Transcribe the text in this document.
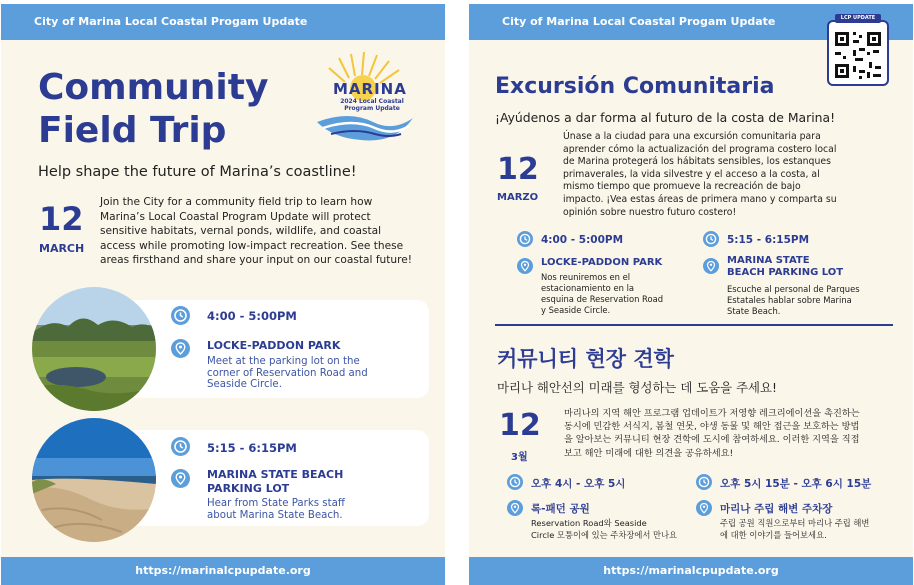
City of Marina Local Coastal Progam Update
Community
Field Trip
MARINA
2024 Local Coastal
Program Update
Help shape the future of Marina’s coastline!
12
MARCH
Join the City for a community field trip to learn how
Marina’s Local Coastal Program Update will protect
sensitive habitats, vernal ponds, wildlife, and coastal
access while promoting low-impact recreation. See these
areas firsthand and share your input on our coastal future!
4:00 - 5:00PM
LOCKE-PADDON PARK
Meet at the parking lot on the
corner of Reservation Road and
Seaside Circle.
5:15 - 6:15PM
MARINA STATE BEACH
PARKING LOT
Hear from State Parks staff
about Marina State Beach.
https://marinalcpupdate.org
City of Marina Local Coastal Progam Update	LCP UPDATE
Excursión Comunitaria
¡Ayúdenos a dar forma al futuro de la costa de Marina!
12
MARZO
Únase a la ciudad para una excursión comunitaria para
aprender cómo la actualización del programa costero local
de Marina protegerá los hábitats sensibles, los estanques
primaverales, la vida silvestre y el acceso a la costa, al
mismo tiempo que promueve la recreación de bajo
impacto. ¡Vea estas áreas de primera mano y comparta su
opinión sobre nuestro futuro costero!
4:00 - 5:00PM
LOCKE-PADDON PARK
Nos reuniremos en el
estacionamiento en la
esquina de Reservation Road
y Seaside Circle.
5:15 - 6:15PM
MARINA STATE
BEACH PARKING LOT
Escuche al personal de Parques
Estatales hablar sobre Marina
State Beach.
커뮤니티 현장 견학
마리나 해안선의 미래를 형성하는 데 도움을 주세요!
12
3월
마리나의 지역 해안 프로그램 업데이트가 저영향 레크리에이션을 촉진하는
동시에 민감한 서식지, 봄철 연못, 야생 동물 및 해안 접근을 보호하는 방법
을 알아보는 커뮤니티 현장 견학에 도시에 참여하세요. 이러한 지역을 직접
보고 해안 미래에 대한 의견을 공유하세요!
오후 4시 - 오후 5시
록-패던 공원
Reservation Road와 Seaside
Circle 모퉁이에 있는 주차장에서 만나요
오후 5시 15분 - 오후 6시 15분
마리나 주립 해변 주차장
주립 공원 직원으로부터 마리나 주립 해변
에 대한 이야기를 들어보세요.
https://marinalcpupdate.org
